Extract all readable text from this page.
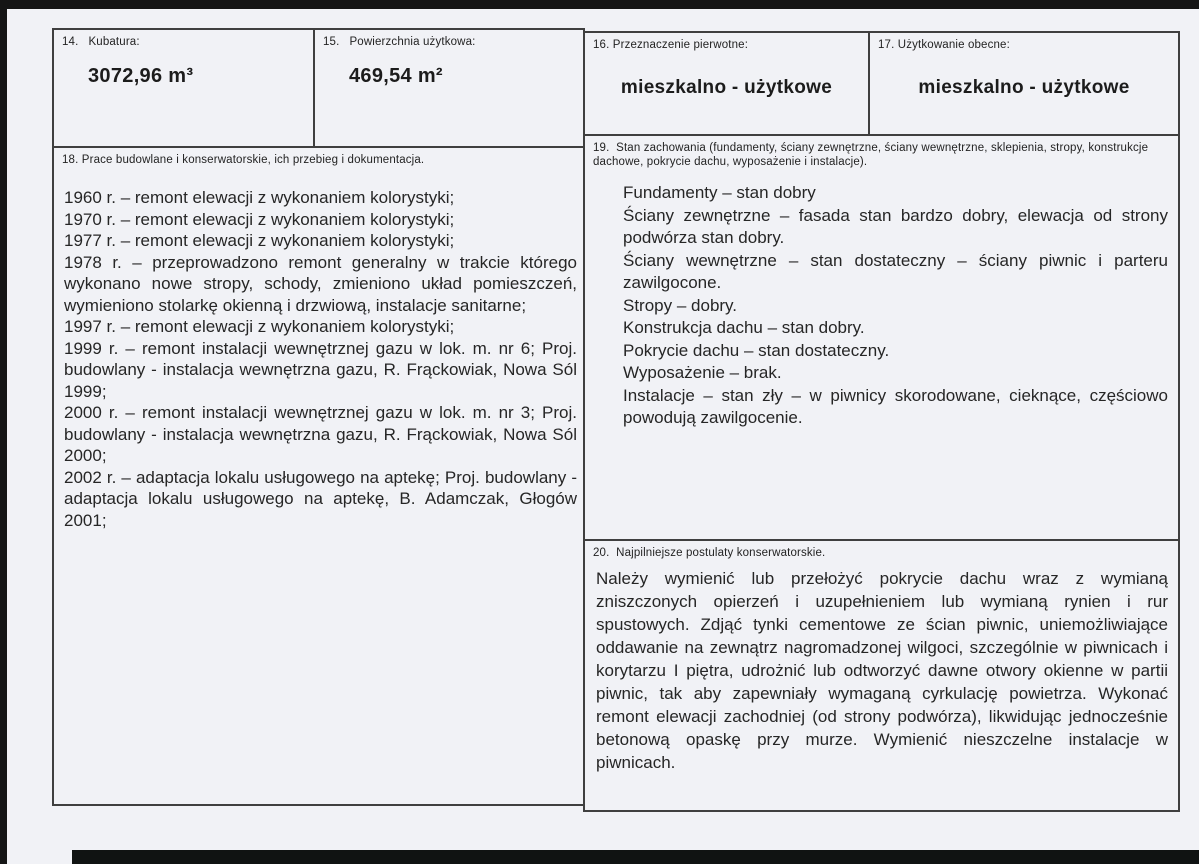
14.   Kubatura:
3072,96 m³
15.   Powierzchnia użytkowa:
469,54 m²
16. Przeznaczenie pierwotne:
mieszkalno - użytkowe
17. Użytkowanie obecne:
mieszkalno - użytkowe
18. Prace budowlane i konserwatorskie, ich przebieg i dokumentacja.

1960 r. – remont elewacji z wykonaniem kolorystyki;

1970 r. – remont elewacji z wykonaniem kolorystyki;

1977 r. – remont elewacji z wykonaniem kolorystyki;

1978 r. – przeprowadzono remont generalny w trakcie którego wykonano nowe stropy, schody, zmieniono układ pomieszczeń, wymieniono stolarkę okienną i drzwiową, instalacje sanitarne;

1997 r. – remont elewacji z wykonaniem kolorystyki;

1999 r. – remont instalacji wewnętrznej gazu w lok. m. nr 6; Proj. budowlany - instalacja wewnętrzna gazu, R. Frąckowiak, Nowa Sól 1999;

2000 r. – remont instalacji wewnętrznej gazu w lok. m. nr 3; Proj. budowlany - instalacja wewnętrzna gazu, R. Frąckowiak, Nowa Sól 2000;

2002 r. – adaptacja lokalu usługowego na aptekę; Proj. budowlany - adaptacja lokalu usługowego na aptekę, B. Adamczak, Głogów 2001;

19.  Stan zachowania (fundamenty, ściany zewnętrzne, ściany wewnętrzne, sklepienia, stropy, konstrukcje dachowe, pokrycie dachu, wyposażenie i instalacje).

Fundamenty – stan dobry

Ściany zewnętrzne – fasada stan bardzo dobry, elewacja od strony podwórza stan dobry.

Ściany wewnętrzne – stan dostateczny – ściany piwnic i parteru zawilgocone.

Stropy – dobry.

Konstrukcja dachu – stan dobry.

Pokrycie dachu – stan dostateczny.

Wyposażenie – brak.

Instalacje – stan zły – w piwnicy skorodowane, cieknące, częściowo powodują zawilgocenie.

20.  Najpilniejsze postulaty konserwatorskie.
Należy wymienić lub przełożyć pokrycie dachu wraz z wymianą zniszczonych opierzeń i uzupełnieniem lub wymianą rynien i rur spustowych. Zdjąć tynki cementowe ze ścian piwnic, uniemożliwiające oddawanie na zewnątrz nagromadzonej wilgoci, szczególnie w piwnicach i korytarzu I piętra, udrożnić lub odtworzyć dawne otwory okienne w partii piwnic, tak aby zapewniały wymaganą cyrkulację powietrza. Wykonać remont elewacji zachodniej (od strony podwórza), likwidując jednocześnie betonową opaskę przy murze. Wymienić nieszczelne instalacje w piwnicach.
